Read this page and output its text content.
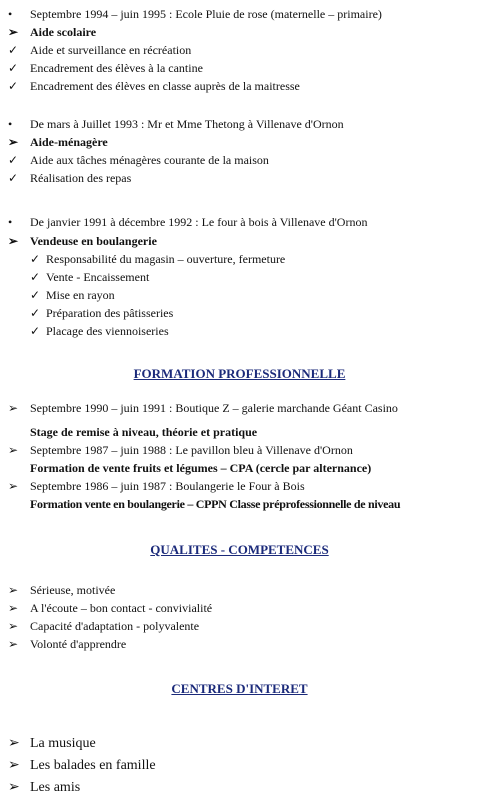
• Septembre 1994 – juin 1995 : Ecole Pluie de rose (maternelle – primaire)
➢ Aide scolaire
✓ Aide et surveillance en récréation
✓ Encadrement des élèves à la cantine
✓ Encadrement des élèves en classe auprès de la maitresse
• De mars à Juillet 1993 : Mr et Mme Thetong à Villenave d'Ornon
➢ Aide-ménagère
✓ Aide aux tâches ménagères courante de la maison
✓ Réalisation des repas
• De janvier 1991 à décembre 1992 : Le four à bois à Villenave d'Ornon
➢ Vendeuse en boulangerie
✓ Responsabilité du magasin – ouverture, fermeture
✓ Vente - Encaissement
✓ Mise en rayon
✓ Préparation des pâtisseries
✓ Placage des viennoiseries
FORMATION PROFESSIONNELLE
➢ Septembre 1990 – juin 1991 : Boutique Z – galerie marchande Géant Casino
Stage de remise à niveau, théorie et pratique
➢ Septembre 1987 – juin 1988 : Le pavillon bleu à Villenave d'Ornon
Formation de vente fruits et légumes – CPA (cercle par alternance)
➢ Septembre 1986 – juin 1987 : Boulangerie le Four à Bois
Formation vente en boulangerie – CPPN Classe préprofessionnelle de niveau
QUALITES - COMPETENCES
➢ Sérieuse, motivée
➢ A l'écoute – bon contact - convivialité
➢ Capacité d'adaptation - polyvalente
➢ Volonté d'apprendre
CENTRES D'INTERET
➢ La musique
➢ Les balades en famille
➢ Les amis
